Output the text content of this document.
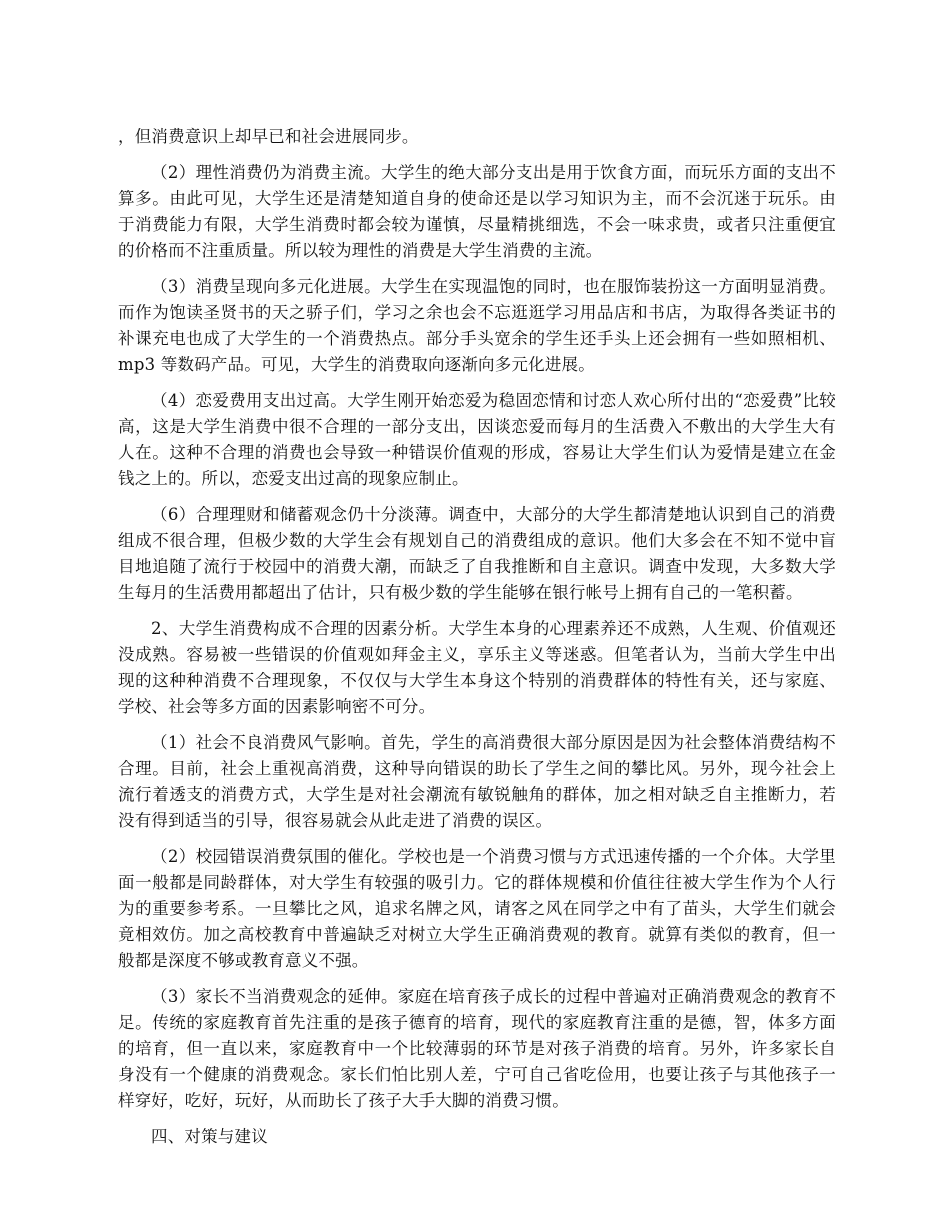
，但消费意识上却早已和社会进展同步。

（2）理性消费仍为消费主流。大学生的绝大部分支出是用于饮食方面，而玩乐方面的支出不算多。由此可见，大学生还是清楚知道自身的使命还是以学习知识为主，而不会沉迷于玩乐。由于消费能力有限，大学生消费时都会较为谨慎，尽量精挑细选，不会一味求贵，或者只注重便宜的价格而不注重质量。所以较为理性的消费是大学生消费的主流。

（3）消费呈现向多元化进展。大学生在实现温饱的同时，也在服饰装扮这一方面明显消费。而作为饱读圣贤书的天之骄子们，学习之余也会不忘逛逛学习用品店和书店，为取得各类证书的补课充电也成了大学生的一个消费热点。部分手头宽余的学生还手头上还会拥有一些如照相机、mp3 等数码产品。可见，大学生的消费取向逐渐向多元化进展。

（4）恋爱费用支出过高。大学生刚开始恋爱为稳固恋情和讨恋人欢心所付出的“恋爱费”比较高，这是大学生消费中很不合理的一部分支出，因谈恋爱而每月的生活费入不敷出的大学生大有人在。这种不合理的消费也会导致一种错误价值观的形成，容易让大学生们认为爱情是建立在金钱之上的。所以，恋爱支出过高的现象应制止。

（6）合理理财和储蓄观念仍十分淡薄。调查中，大部分的大学生都清楚地认识到自己的消费组成不很合理，但极少数的大学生会有规划自己的消费组成的意识。他们大多会在不知不觉中盲目地追随了流行于校园中的消费大潮，而缺乏了自我推断和自主意识。调查中发现，大多数大学生每月的生活费用都超出了估计，只有极少数的学生能够在银行帐号上拥有自己的一笔积蓄。

2、大学生消费构成不合理的因素分析。大学生本身的心理素养还不成熟，人生观、价值观还没成熟。容易被一些错误的价值观如拜金主义，享乐主义等迷惑。但笔者认为，当前大学生中出现的这种种消费不合理现象，不仅仅与大学生本身这个特别的消费群体的特性有关，还与家庭、学校、社会等多方面的因素影响密不可分。

（1）社会不良消费风气影响。首先，学生的高消费很大部分原因是因为社会整体消费结构不合理。目前，社会上重视高消费，这种导向错误的助长了学生之间的攀比风。另外，现今社会上流行着透支的消费方式，大学生是对社会潮流有敏锐触角的群体，加之相对缺乏自主推断力，若没有得到适当的引导，很容易就会从此走进了消费的误区。

（2）校园错误消费氛围的催化。学校也是一个消费习惯与方式迅速传播的一个介体。大学里面一般都是同龄群体，对大学生有较强的吸引力。它的群体规模和价值往往被大学生作为个人行为的重要参考系。一旦攀比之风，追求名牌之风，请客之风在同学之中有了苗头，大学生们就会竟相效仿。加之高校教育中普遍缺乏对树立大学生正确消费观的教育。就算有类似的教育，但一般都是深度不够或教育意义不强。

（3）家长不当消费观念的延伸。家庭在培育孩子成长的过程中普遍对正确消费观念的教育不足。传统的家庭教育首先注重的是孩子德育的培育，现代的家庭教育注重的是德，智，体多方面的培育，但一直以来，家庭教育中一个比较薄弱的环节是对孩子消费的培育。另外，许多家长自身没有一个健康的消费观念。家长们怕比别人差，宁可自己省吃俭用，也要让孩子与其他孩子一样穿好，吃好，玩好，从而助长了孩子大手大脚的消费习惯。

四、对策与建议
